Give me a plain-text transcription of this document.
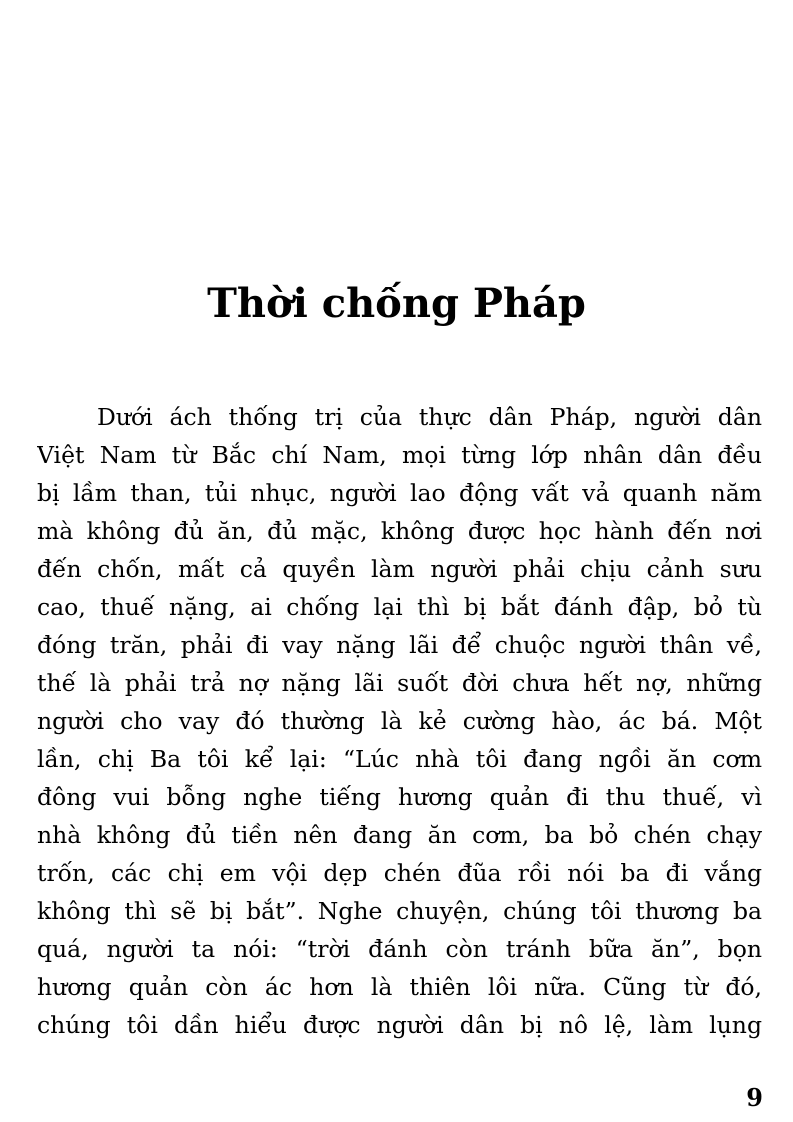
Thời chống Pháp
Dưới ách thống trị của thực dân Pháp, người dân
Việt Nam từ Bắc chí Nam, mọi từng lớp nhân dân đều
bị lầm than, tủi nhục, người lao động vất vả quanh năm
mà không đủ ăn, đủ mặc, không được học hành đến nơi
đến chốn, mất cả quyền làm người phải chịu cảnh sưu
cao, thuế nặng, ai chống lại thì bị bắt đánh đập, bỏ tù
đóng trăn, phải đi vay nặng lãi để chuộc người thân về,
thế là phải trả nợ nặng lãi suốt đời chưa hết nợ, những
người cho vay đó thường là kẻ cường hào, ác bá. Một
lần, chị Ba tôi kể lại: “Lúc nhà tôi đang ngồi ăn cơm
đông vui bỗng nghe tiếng hương quản đi thu thuế, vì
nhà không đủ tiền nên đang ăn cơm, ba bỏ chén chạy
trốn, các chị em vội dẹp chén đũa rồi nói ba đi vắng
không thì sẽ bị bắt”. Nghe chuyện, chúng tôi thương ba
quá, người ta nói: “trời đánh còn tránh bữa ăn”, bọn
hương quản còn ác hơn là thiên lôi nữa. Cũng từ đó,
chúng tôi dần hiểu được người dân bị nô lệ, làm lụng
9
